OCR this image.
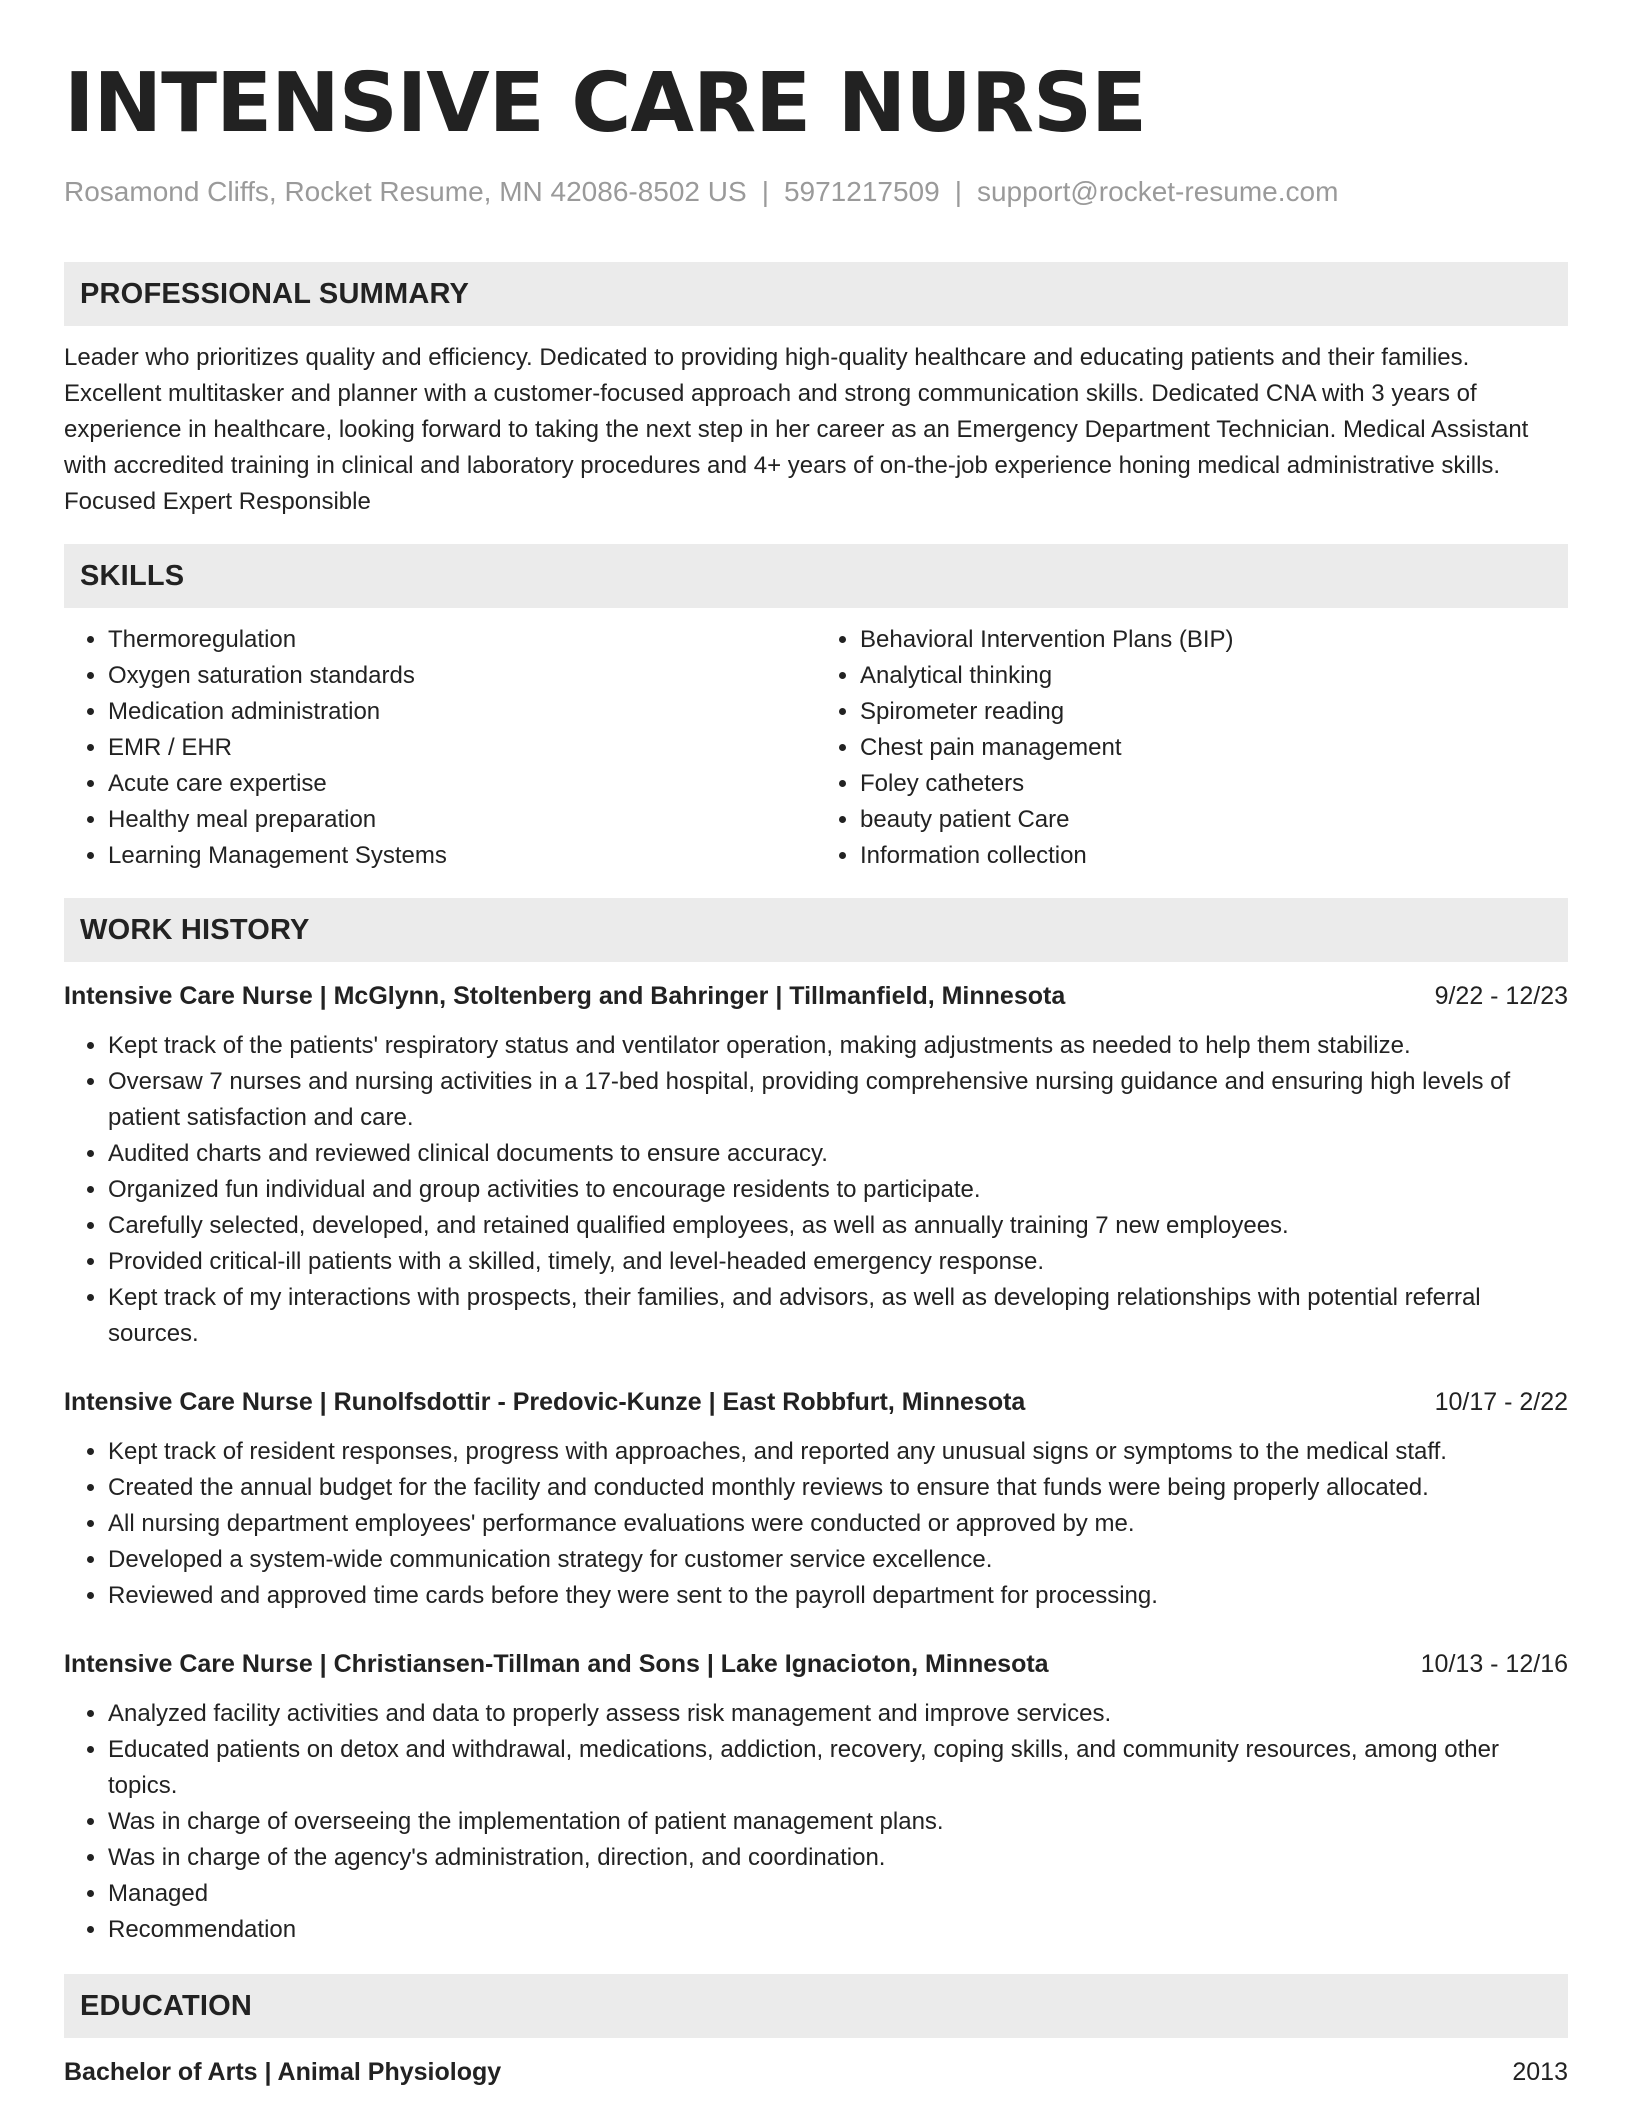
INTENSIVE CARE NURSE
Rosamond Cliffs, Rocket Resume, MN 42086-8502 US | 5971217509 | support@rocket-resume.com
PROFESSIONAL SUMMARY
Leader who prioritizes quality and efficiency. Dedicated to providing high-quality healthcare and educating patients and their families. Excellent multitasker and planner with a customer-focused approach and strong communication skills. Dedicated CNA with 3 years of experience in healthcare, looking forward to taking the next step in her career as an Emergency Department Technician. Medical Assistant with accredited training in clinical and laboratory procedures and 4+ years of on-the-job experience honing medical administrative skills. Focused Expert Responsible
SKILLS
• Thermoregulation
• Oxygen saturation standards
• Medication administration
• EMR / EHR
• Acute care expertise
• Healthy meal preparation
• Learning Management Systems
• Behavioral Intervention Plans (BIP)
• Analytical thinking
• Spirometer reading
• Chest pain management
• Foley catheters
• beauty patient Care
• Information collection
WORK HISTORY
Intensive Care Nurse | McGlynn, Stoltenberg and Bahringer | Tillmanfield, Minnesota	9/22 - 12/23
• Kept track of the patients' respiratory status and ventilator operation, making adjustments as needed to help them stabilize.
• Oversaw 7 nurses and nursing activities in a 17-bed hospital, providing comprehensive nursing guidance and ensuring high levels of patient satisfaction and care.
• Audited charts and reviewed clinical documents to ensure accuracy.
• Organized fun individual and group activities to encourage residents to participate.
• Carefully selected, developed, and retained qualified employees, as well as annually training 7 new employees.
• Provided critical-ill patients with a skilled, timely, and level-headed emergency response.
• Kept track of my interactions with prospects, their families, and advisors, as well as developing relationships with potential referral sources.
Intensive Care Nurse | Runolfsdottir - Predovic-Kunze | East Robbfurt, Minnesota	10/17 - 2/22
• Kept track of resident responses, progress with approaches, and reported any unusual signs or symptoms to the medical staff.
• Created the annual budget for the facility and conducted monthly reviews to ensure that funds were being properly allocated.
• All nursing department employees' performance evaluations were conducted or approved by me.
• Developed a system-wide communication strategy for customer service excellence.
• Reviewed and approved time cards before they were sent to the payroll department for processing.
Intensive Care Nurse | Christiansen-Tillman and Sons | Lake Ignacioton, Minnesota	10/13 - 12/16
• Analyzed facility activities and data to properly assess risk management and improve services.
• Educated patients on detox and withdrawal, medications, addiction, recovery, coping skills, and community resources, among other topics.
• Was in charge of overseeing the implementation of patient management plans.
• Was in charge of the agency's administration, direction, and coordination.
• Managed
• Recommendation
EDUCATION
Bachelor of Arts | Animal Physiology	2013
